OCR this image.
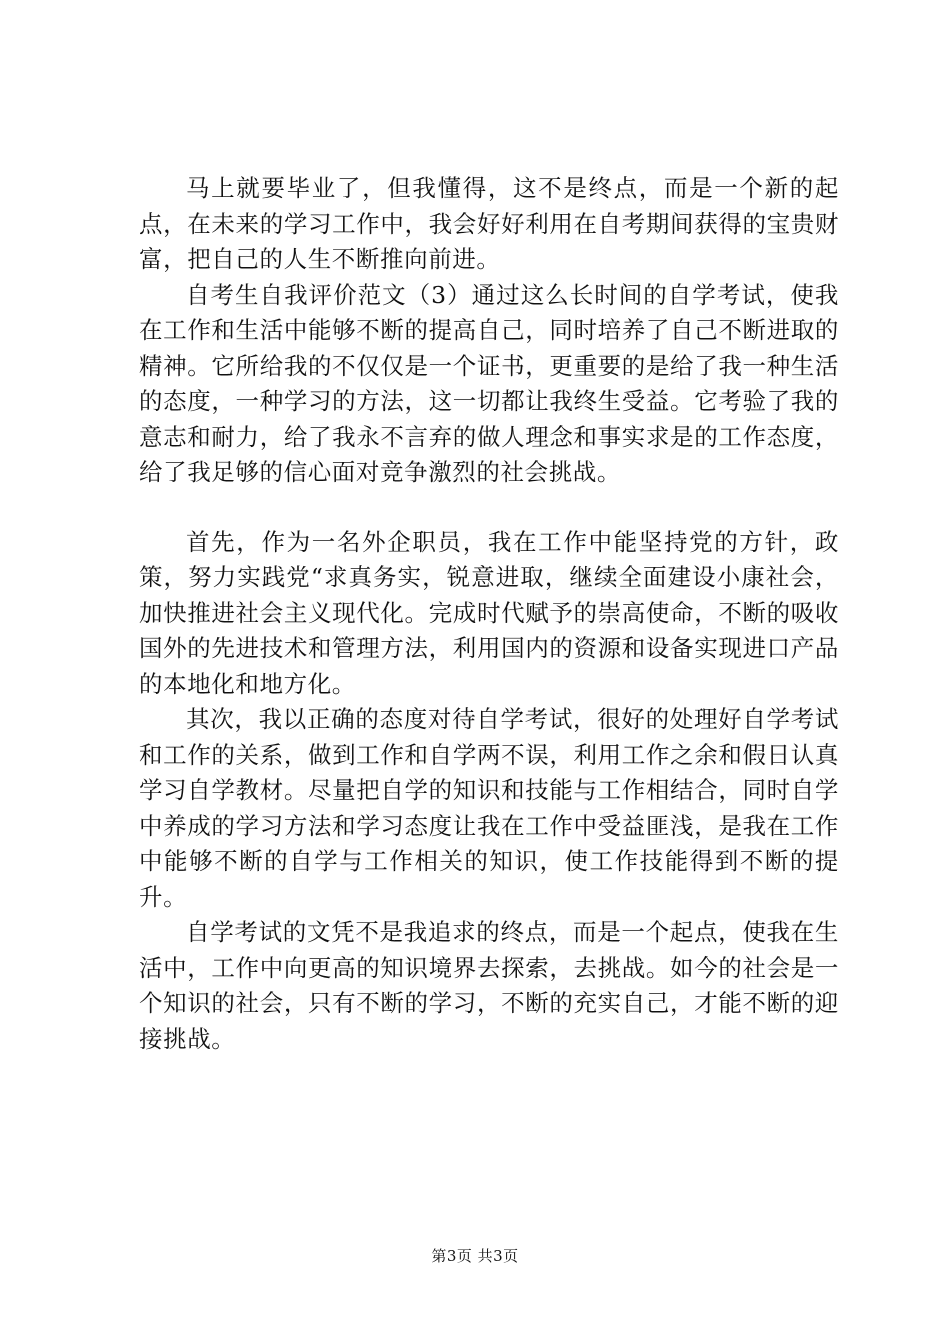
马上就要毕业了，但我懂得，这不是终点，而是一个新的起点，在未来的学习工作中，我会好好利用在自考期间获得的宝贵财富，把自己的人生不断推向前进。

自考生自我评价范文（3）通过这么长时间的自学考试，使我在工作和生活中能够不断的提高自己，同时培养了自己不断进取的精神。它所给我的不仅仅是一个证书，更重要的是给了我一种生活的态度，一种学习的方法，这一切都让我终生受益。它考验了我的意志和耐力，给了我永不言弃的做人理念和事实求是的工作态度，给了我足够的信心面对竞争激烈的社会挑战。

首先，作为一名外企职员，我在工作中能坚持党的方针，政策，努力实践党“求真务实，锐意进取，继续全面建设小康社会，加快推进社会主义现代化。完成时代赋予的崇高使命，不断的吸收国外的先进技术和管理方法，利用国内的资源和设备实现进口产品的本地化和地方化。

其次，我以正确的态度对待自学考试，很好的处理好自学考试和工作的关系，做到工作和自学两不误，利用工作之余和假日认真学习自学教材。尽量把自学的知识和技能与工作相结合，同时自学中养成的学习方法和学习态度让我在工作中受益匪浅，是我在工作中能够不断的自学与工作相关的知识，使工作技能得到不断的提升。

自学考试的文凭不是我追求的终点，而是一个起点，使我在生活中，工作中向更高的知识境界去探索，去挑战。如今的社会是一个知识的社会，只有不断的学习，不断的充实自己，才能不断的迎接挑战。

第3页 共3页
